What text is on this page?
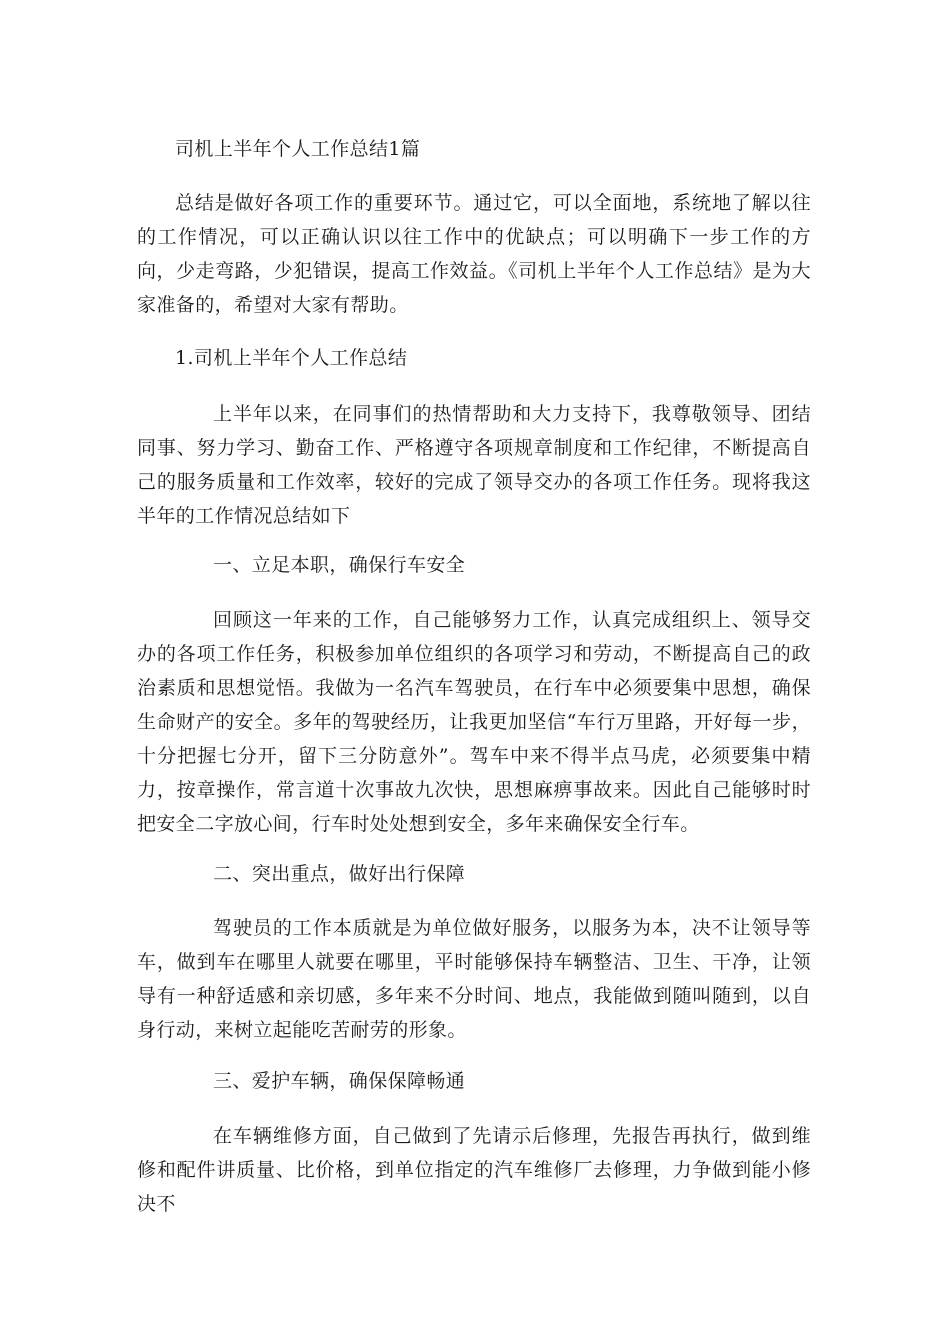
司机上半年个人工作总结1篇

总结是做好各项工作的重要环节。通过它，可以全面地，系统地了解以往的工作情况，可以正确认识以往工作中的优缺点；可以明确下一步工作的方向，少走弯路，少犯错误，提高工作效益。《司机上半年个人工作总结》是为大家准备的，希望对大家有帮助。

1.司机上半年个人工作总结

上半年以来，在同事们的热情帮助和大力支持下，我尊敬领导、团结同事、努力学习、勤奋工作、严格遵守各项规章制度和工作纪律，不断提高自己的服务质量和工作效率，较好的完成了领导交办的各项工作任务。现将我这半年的工作情况总结如下

一、立足本职，确保行车安全

回顾这一年来的工作，自己能够努力工作，认真完成组织上、领导交办的各项工作任务，积极参加单位组织的各项学习和劳动，不断提高自己的政治素质和思想觉悟。我做为一名汽车驾驶员，在行车中必须要集中思想，确保生命财产的安全。多年的驾驶经历，让我更加坚信“车行万里路，开好每一步，十分把握七分开，留下三分防意外”。驾车中来不得半点马虎，必须要集中精力，按章操作，常言道十次事故九次快，思想麻痹事故来。因此自己能够时时把安全二字放心间，行车时处处想到安全，多年来确保安全行车。

二、突出重点，做好出行保障

驾驶员的工作本质就是为单位做好服务，以服务为本，决不让领导等车，做到车在哪里人就要在哪里，平时能够保持车辆整洁、卫生、干净，让领导有一种舒适感和亲切感，多年来不分时间、地点，我能做到随叫随到，以自身行动，来树立起能吃苦耐劳的形象。

三、爱护车辆，确保保障畅通

在车辆维修方面，自己做到了先请示后修理，先报告再执行，做到维修和配件讲质量、比价格，到单位指定的汽车维修厂去修理，力争做到能小修决不
